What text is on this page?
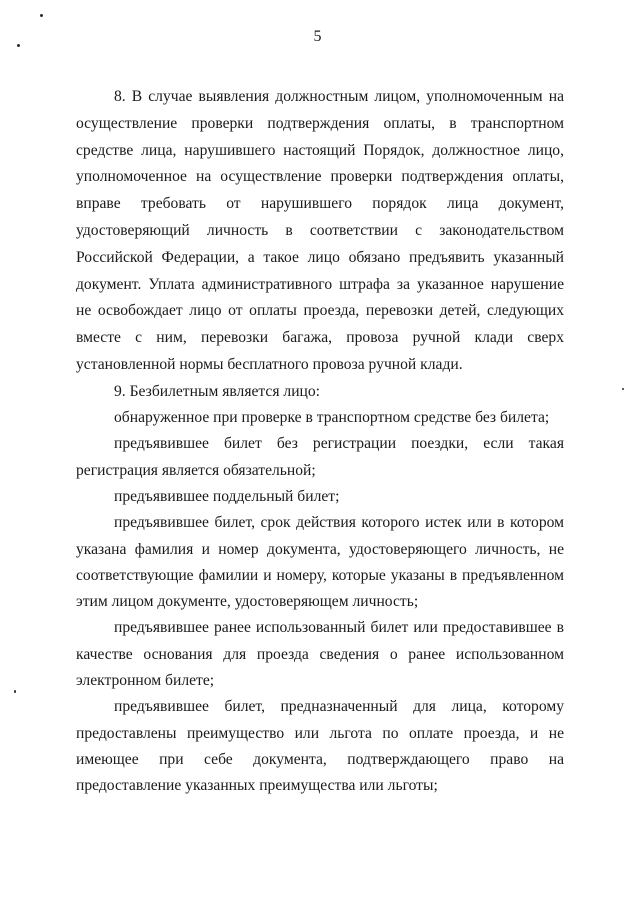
5

8. В случае выявления должностным лицом, уполномоченным на осуществление проверки подтверждения оплаты, в транспортном средстве лица, нарушившего настоящий Порядок, должностное лицо, уполномоченное на осуществление проверки подтверждения оплаты, вправе требовать от нарушившего порядок лица документ, удостоверяющий личность в соответствии с законодательством Российской Федерации, а такое лицо обязано предъявить указанный документ. Уплата административного штрафа за указанное нарушение не освобождает лицо от оплаты проезда, перевозки детей, следующих вместе с ним, перевозки багажа, провоза ручной клади сверх установленной нормы бесплатного провоза ручной клади.

9. Безбилетным является лицо:

обнаруженное при проверке в транспортном средстве без билета;

предъявившее билет без регистрации поездки, если такая регистрация является обязательной;

предъявившее поддельный билет;

предъявившее билет, срок действия которого истек или в котором указана фамилия и номер документа, удостоверяющего личность, не соответствующие фамилии и номеру, которые указаны в предъявленном этим лицом документе, удостоверяющем личность;

предъявившее ранее использованный билет или предоставившее в качестве основания для проезда сведения о ранее использованном электронном билете;

предъявившее билет, предназначенный для лица, которому предоставлены преимущество или льгота по оплате проезда, и не имеющее при себе документа, подтверждающего право на предоставление указанных преимущества или льготы;
